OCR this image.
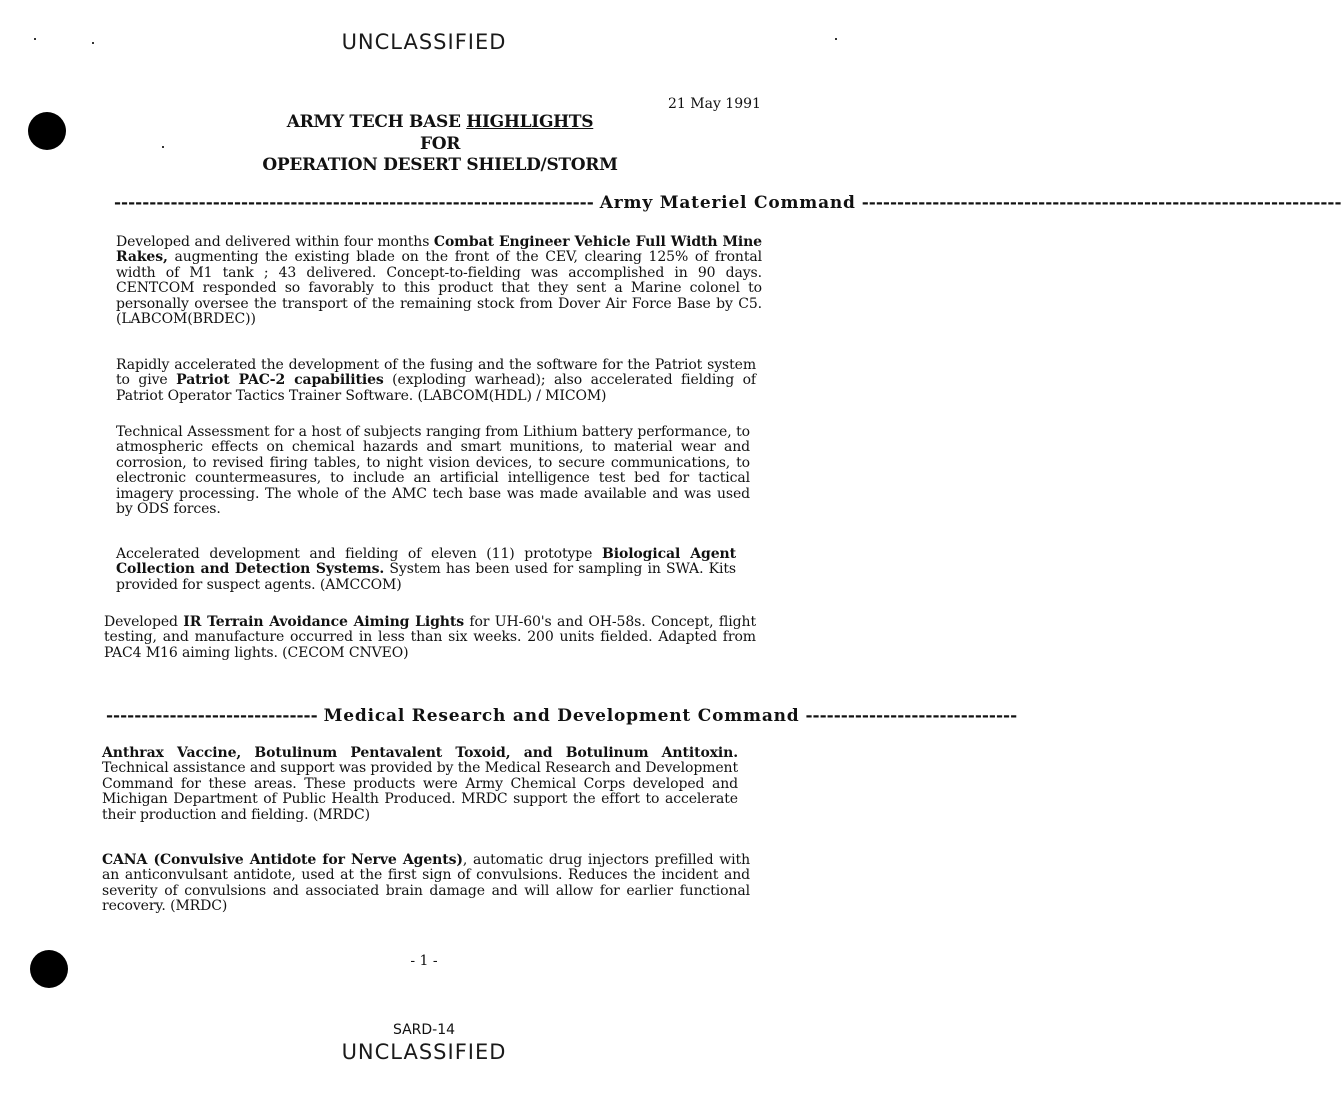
UNCLASSIFIED
21 May 1991
ARMY TECH BASE HIGHLIGHTS
FOR
OPERATION DESERT SHIELD/STORM
-------------------------------------------------------------------- Army Materiel Command --------------------------------------------------------------------
Developed and delivered within four months Combat Engineer Vehicle Full Width Mine Rakes, augmenting the existing blade on the front of the CEV, clearing 125% of frontal width of M1 tank ; 43 delivered. Concept-to-fielding was accomplished in 90 days. CENTCOM responded so favorably to this product that they sent a Marine colonel to personally oversee the transport of the remaining stock from Dover Air Force Base by C5. (LABCOM(BRDEC))
Rapidly accelerated the development of the fusing and the software for the Patriot system to give Patriot PAC-2 capabilities (exploding warhead); also accelerated fielding of Patriot Operator Tactics Trainer Software. (LABCOM(HDL) / MICOM)
Technical Assessment for a host of subjects ranging from Lithium battery performance, to atmospheric effects on chemical hazards and smart munitions, to material wear and corrosion, to revised firing tables, to night vision devices, to secure communications, to electronic countermeasures, to include an artificial intelligence test bed for tactical imagery processing. The whole of the AMC tech base was made available and was used by ODS forces.
Accelerated development and fielding of eleven (11) prototype Biological Agent Collection and Detection Systems. System has been used for sampling in SWA. Kits provided for suspect agents. (AMCCOM)
Developed IR Terrain Avoidance Aiming Lights for UH-60's and OH-58s. Concept, flight testing, and manufacture occurred in less than six weeks. 200 units fielded. Adapted from PAC4 M16 aiming lights. (CECOM CNVEO)
------------------------------ Medical Research and Development Command ------------------------------
Anthrax Vaccine, Botulinum Pentavalent Toxoid, and Botulinum Antitoxin. Technical assistance and support was provided by the Medical Research and Development Command for these areas. These products were Army Chemical Corps developed and Michigan Department of Public Health Produced. MRDC support the effort to accelerate their production and fielding. (MRDC)
CANA (Convulsive Antidote for Nerve Agents), automatic drug injectors prefilled with an anticonvulsant antidote, used at the first sign of convulsions. Reduces the incident and severity of convulsions and associated brain damage and will allow for earlier functional recovery. (MRDC)
- 1 -
SARD-14
UNCLASSIFIED
